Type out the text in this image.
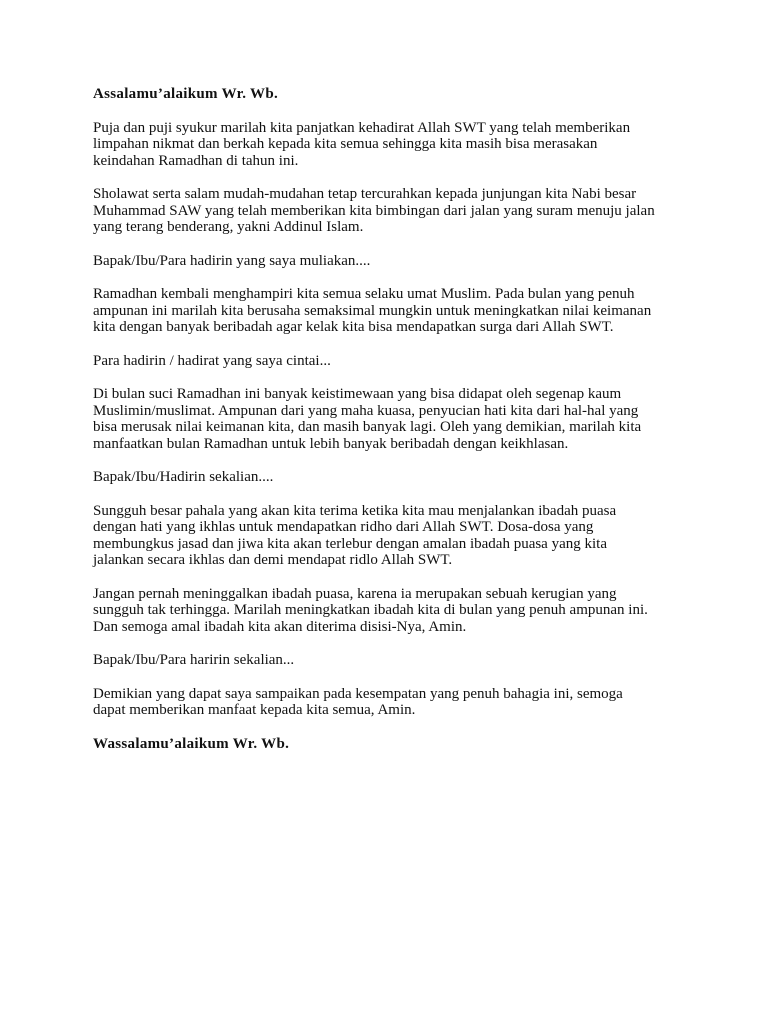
Assalamu’alaikum Wr. Wb.

Puja dan puji syukur marilah kita panjatkan kehadirat Allah SWT yang telah memberikan
limpahan nikmat dan berkah kepada kita semua sehingga kita masih bisa merasakan
keindahan Ramadhan di tahun ini.

Sholawat serta salam mudah-mudahan tetap tercurahkan kepada junjungan kita Nabi besar
Muhammad SAW yang telah memberikan kita bimbingan dari jalan yang suram menuju jalan
yang terang benderang, yakni Addinul Islam.

Bapak/Ibu/Para hadirin yang saya muliakan....

Ramadhan kembali menghampiri kita semua selaku umat Muslim. Pada bulan yang penuh
ampunan ini marilah kita berusaha semaksimal mungkin untuk meningkatkan nilai keimanan
kita dengan banyak beribadah agar kelak kita bisa mendapatkan surga dari Allah SWT.

Para hadirin / hadirat yang saya cintai...

Di bulan suci Ramadhan ini banyak keistimewaan yang bisa didapat oleh segenap kaum
Muslimin/muslimat. Ampunan dari yang maha kuasa, penyucian hati kita dari hal-hal yang
bisa merusak nilai keimanan kita, dan masih banyak lagi. Oleh yang demikian, marilah kita
manfaatkan bulan Ramadhan untuk lebih banyak beribadah dengan keikhlasan.

Bapak/Ibu/Hadirin sekalian....

Sungguh besar pahala yang akan kita terima ketika kita mau menjalankan ibadah puasa
dengan hati yang ikhlas untuk mendapatkan ridho dari Allah SWT. Dosa-dosa yang
membungkus jasad dan jiwa kita akan terlebur dengan amalan ibadah puasa yang kita
jalankan secara ikhlas dan demi mendapat ridlo Allah SWT.

Jangan pernah meninggalkan ibadah puasa, karena ia merupakan sebuah kerugian yang
sungguh tak terhingga. Marilah meningkatkan ibadah kita di bulan yang penuh ampunan ini.
Dan semoga amal ibadah kita akan diterima disisi-Nya, Amin.

Bapak/Ibu/Para haririn sekalian...

Demikian yang dapat saya sampaikan pada kesempatan yang penuh bahagia ini, semoga
dapat memberikan manfaat kepada kita semua, Amin.

Wassalamu’alaikum Wr. Wb.
